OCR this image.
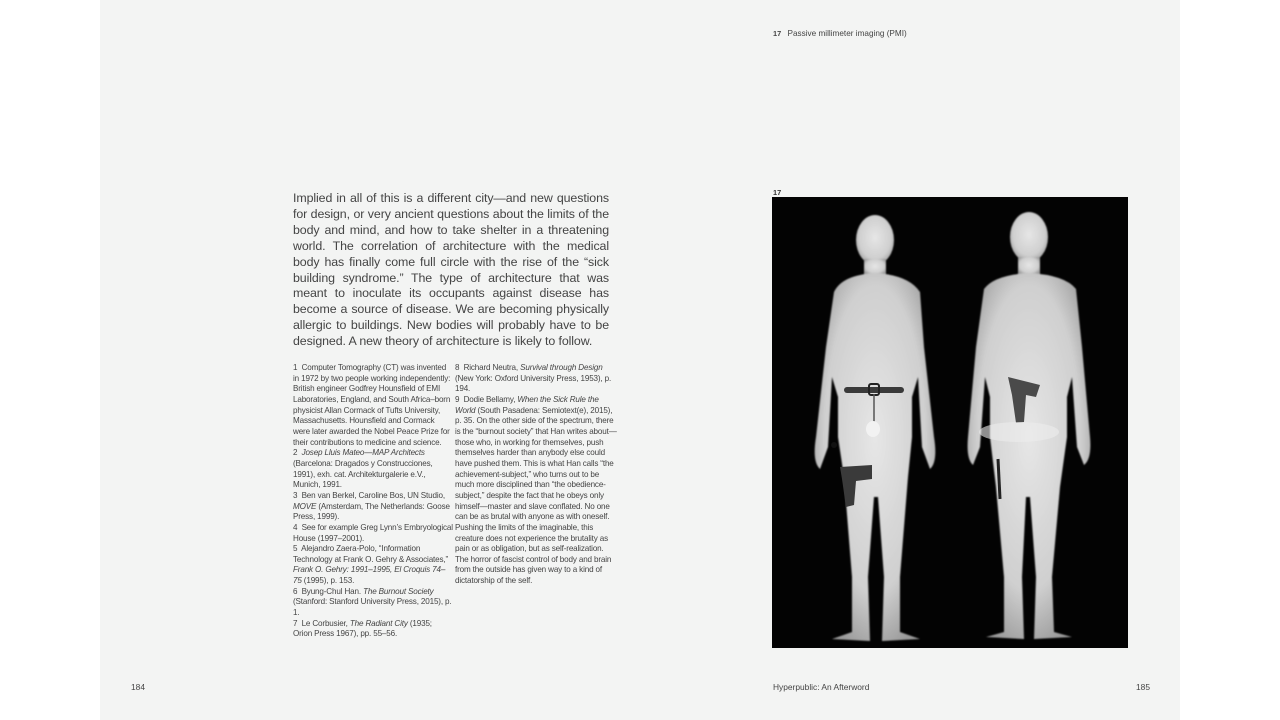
Implied in all of this is a different city—and new questions for design, or very ancient questions about the limits of the body and mind, and how to take shelter in a threatening world. The correlation of architecture with the medical body has finally come full circle with the rise of the “sick building syndrome.” The type of architecture that was meant to inoculate its occupants against disease has become a source of disease. We are becoming physically allergic to buildings. New bodies will probably have to be designed. A new theory of architecture is likely to follow.

1 Computer Tomography (CT) was invented in 1972 by two people working independently: British engineer Godfrey Hounsfield of EMI Laboratories, England, and South Africa–born physicist Allan Cormack of Tufts University, Massachusetts. Hounsfield and Cormack were later awarded the Nobel Peace Prize for their contributions to medicine and science.

2 Josep Lluis Mateo—MAP Architects (Barcelona: Dragados y Construcciones, 1991), exh. cat. Architekturgalerie e.V., Munich, 1991.

3 Ben van Berkel, Caroline Bos, UN Studio, MOVE (Amsterdam, The Netherlands: Goose Press, 1999).

4 See for example Greg Lynn’s Embryological House (1997–2001).

5 Alejandro Zaera-Polo, “Information Technology at Frank O. Gehry & Associates,” Frank O. Gehry: 1991–1995, El Croquis 74–75 (1995), p. 153.

6 Byung-Chul Han. The Burnout Society (Stanford: Stanford University Press, 2015), p. 1.

7 Le Corbusier, The Radiant City (1935; Orion Press 1967), pp. 55–56.

8 Richard Neutra, Survival through Design (New York: Oxford University Press, 1953), p. 194.

9 Dodie Bellamy, When the Sick Rule the World (South Pasadena: Semiotext(e), 2015), p. 35. On the other side of the spectrum, there is the “burnout society” that Han writes about—those who, in working for themselves, push themselves harder than anybody else could have pushed them. This is what Han calls “the achievement-subject,” who turns out to be much more disciplined than “the obedience-subject,” despite the fact that he obeys only himself—master and slave conflated. No one can be as brutal with anyone as with oneself. Pushing the limits of the imaginable, this creature does not experience the brutality as pain or as obligation, but as self-realization. The horror of fascist control of body and brain from the outside has given way to a kind of dictatorship of the self.

184
17 Passive millimeter imaging (PMI)
17
Hyperpublic: An Afterword	185
